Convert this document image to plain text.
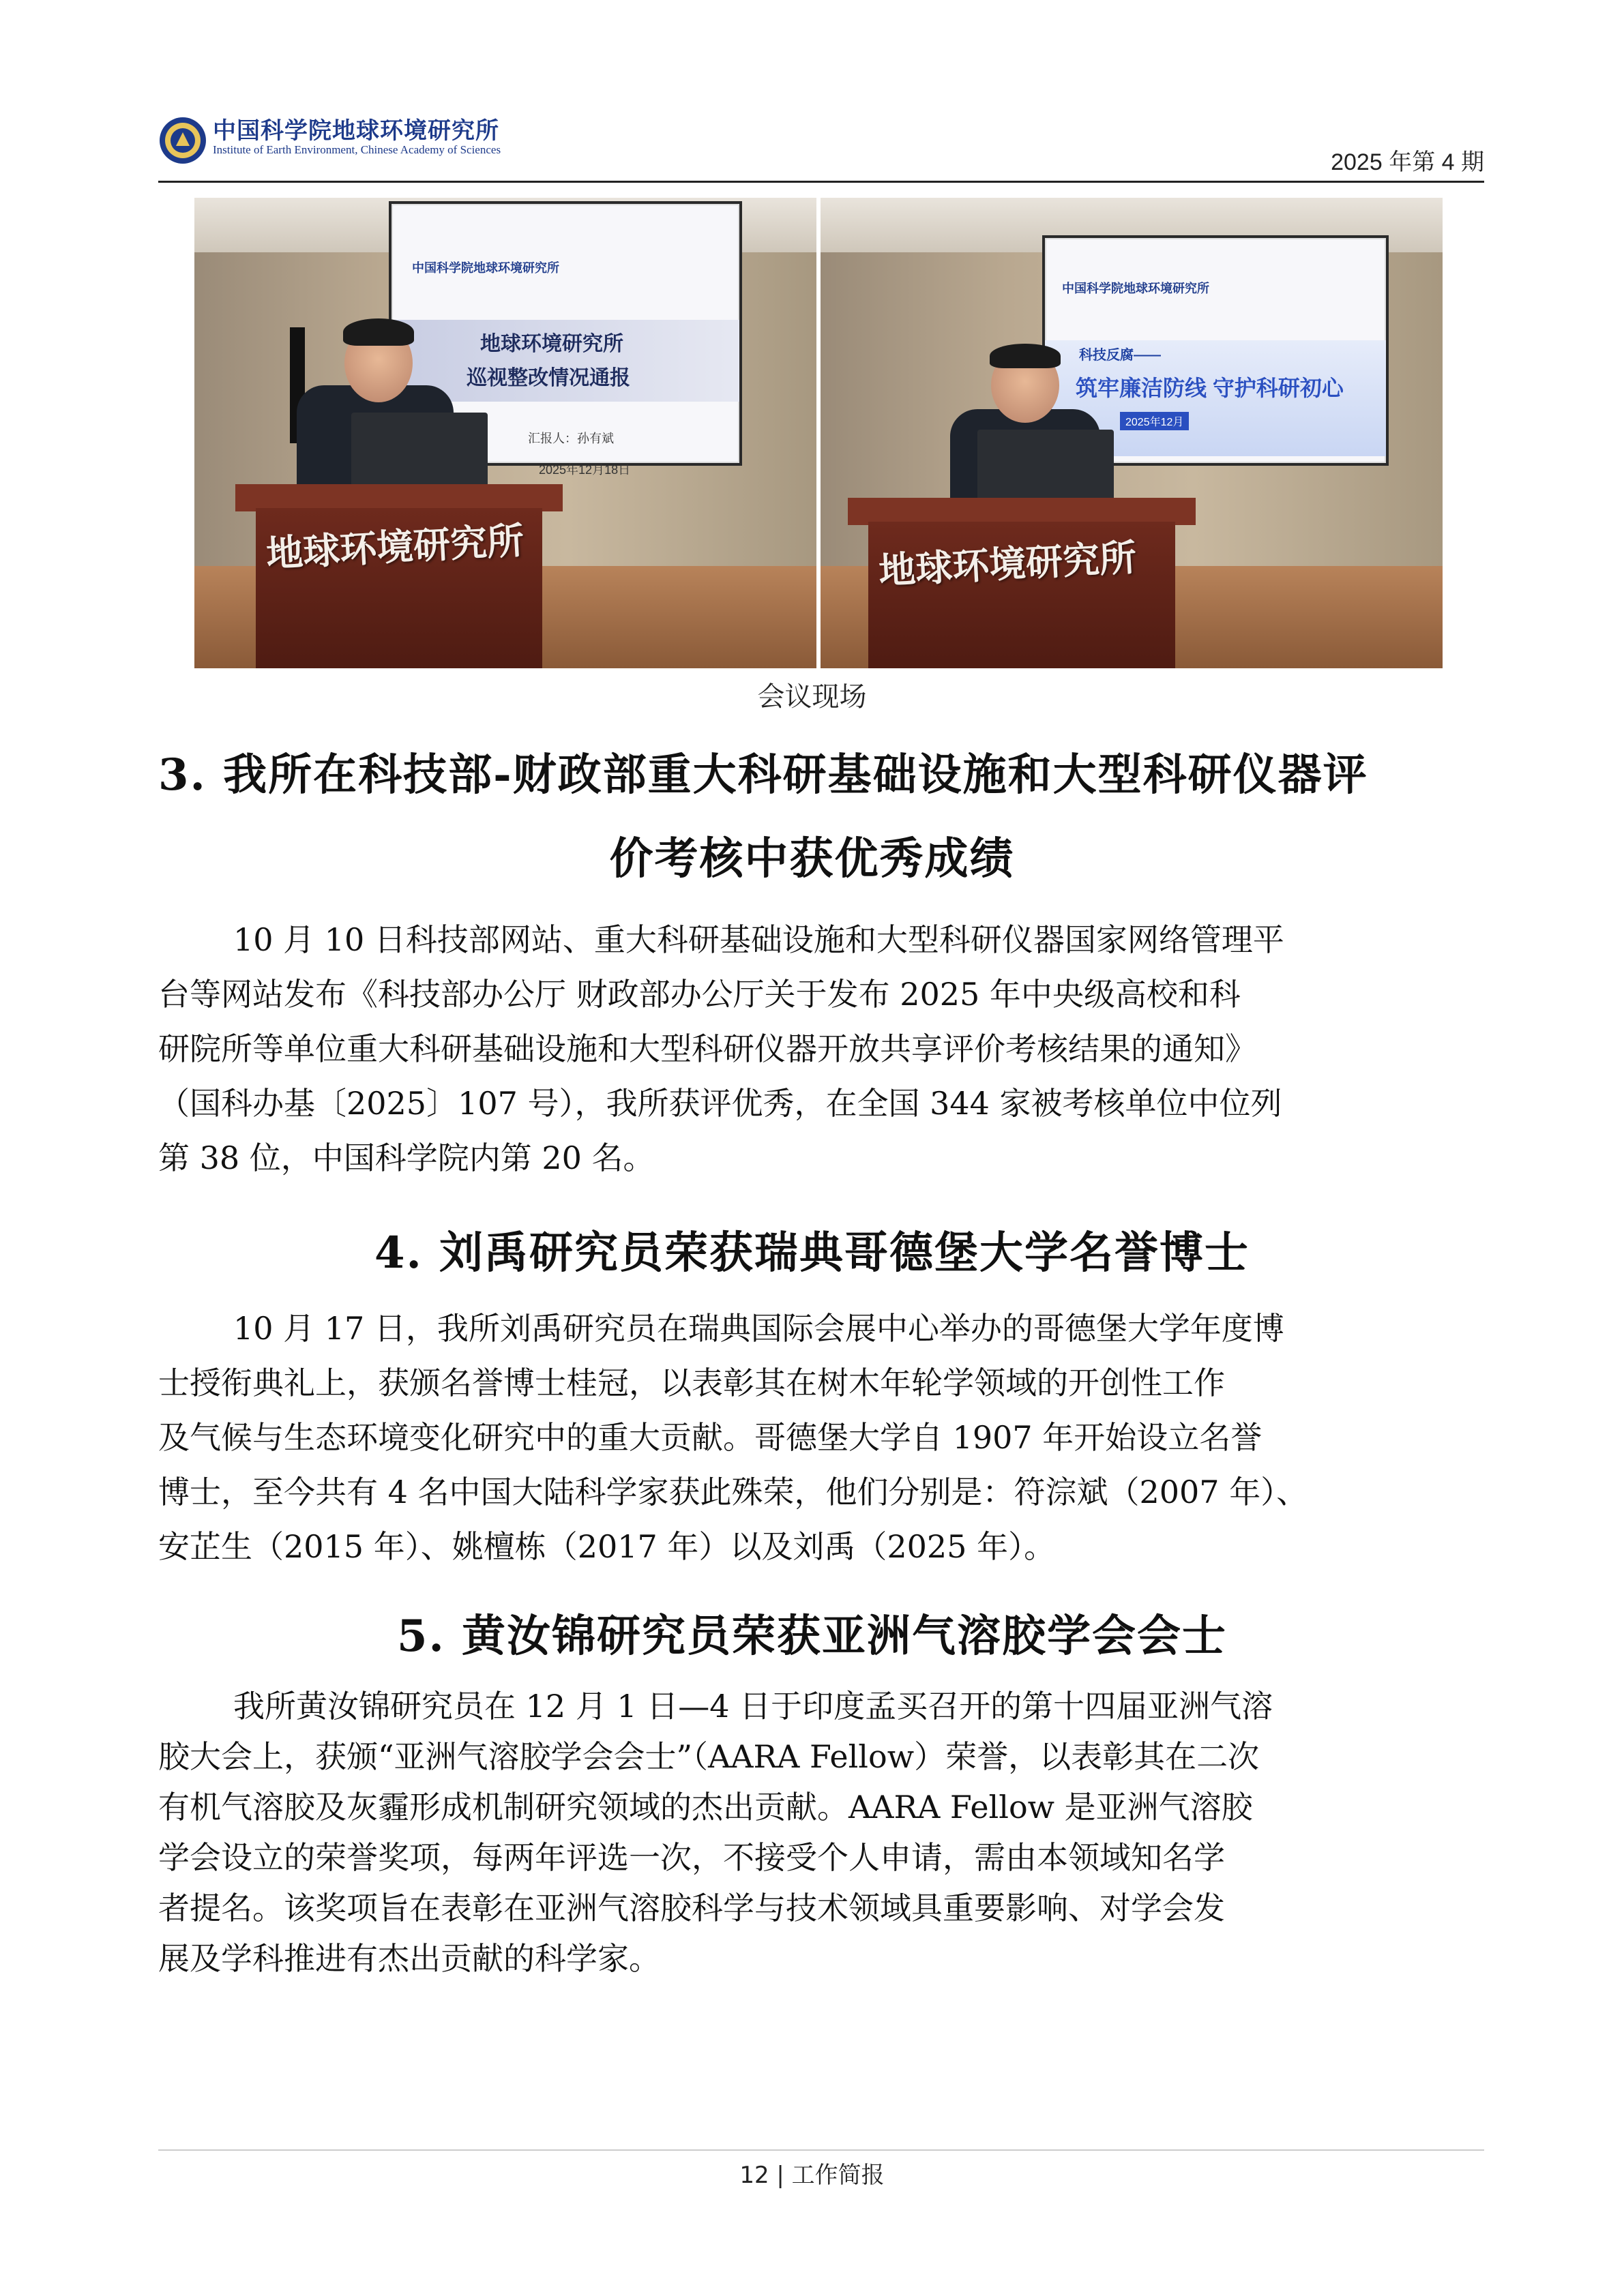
中国科学院地球环境研究所
Institute of Earth Environment, Chinese Academy of Sciences	2025 年第 4 期
中国科学院地球环境研究所
地球环境研究所
巡视整改情况通报
汇报人：孙有斌
2025年12月18日
地球环境研究所
中国科学院地球环境研究所
科技反腐——
筑牢廉洁防线 守护科研初心
2025年12月
地球环境研究所
会议现场
3. 我所在科技部-财政部重大科研基础设施和大型科研仪器评
价考核中获优秀成绩
10 月 10 日科技部网站、重大科研基础设施和大型科研仪器国家网络管理平
台等网站发布《科技部办公厅 财政部办公厅关于发布 2025 年中央级高校和科
研院所等单位重大科研基础设施和大型科研仪器开放共享评价考核结果的通知》
（国科办基〔2025〕107 号），我所获评优秀，在全国 344 家被考核单位中位列
第 38 位，中国科学院内第 20 名。
4. 刘禹研究员荣获瑞典哥德堡大学名誉博士
10 月 17 日，我所刘禹研究员在瑞典国际会展中心举办的哥德堡大学年度博
士授衔典礼上，获颁名誉博士桂冠，以表彰其在树木年轮学领域的开创性工作
及气候与生态环境变化研究中的重大贡献。哥德堡大学自 1907 年开始设立名誉
博士，至今共有 4 名中国大陆科学家获此殊荣，他们分别是：符淙斌（2007 年）、
安芷生（2015 年）、姚檀栋（2017 年）以及刘禹（2025 年）。
5. 黄汝锦研究员荣获亚洲气溶胶学会会士
我所黄汝锦研究员在 12 月 1 日—4 日于印度孟买召开的第十四届亚洲气溶
胶大会上，获颁“亚洲气溶胶学会会士”（AARA Fellow）荣誉，以表彰其在二次
有机气溶胶及灰霾形成机制研究领域的杰出贡献。AARA Fellow 是亚洲气溶胶
学会设立的荣誉奖项，每两年评选一次，不接受个人申请，需由本领域知名学
者提名。该奖项旨在表彰在亚洲气溶胶科学与技术领域具重要影响、对学会发
展及学科推进有杰出贡献的科学家。
12 | 工作简报
